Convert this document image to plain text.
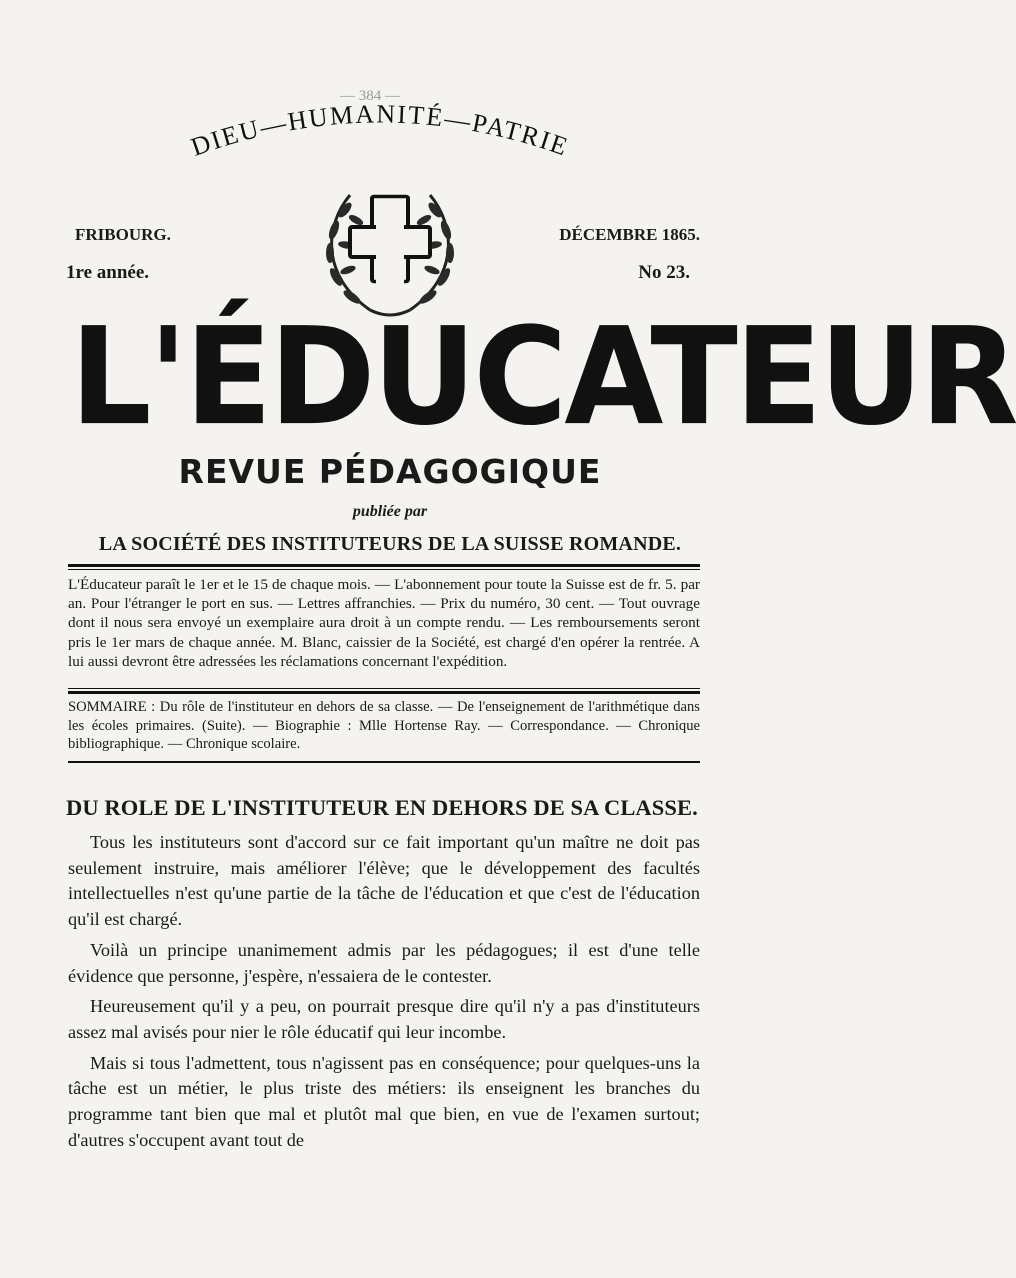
— 384 —
DIEU—HUMANITÉ—PATRIE
FRIBOURG.	DÉCEMBRE 1865.
1re année.	No 23.
L'ÉDUCATEUR
REVUE PÉDAGOGIQUE
publiée par
LA SOCIÉTÉ DES INSTITUTEURS DE LA SUISSE ROMANDE.
L'Éducateur paraît le 1er et le 15 de chaque mois. — L'abonnement pour toute la Suisse est de fr. 5. par an. Pour l'étranger le port en sus. — Lettres affranchies. — Prix du numéro, 30 cent. — Tout ouvrage dont il nous sera envoyé un exemplaire aura droit à un compte rendu. — Les remboursements seront pris le 1er mars de chaque année. M. Blanc, caissier de la Société, est chargé d'en opérer la rentrée. A lui aussi devront être adressées les réclamations concernant l'expédition.
SOMMAIRE : Du rôle de l'instituteur en dehors de sa classe. — De l'enseignement de l'arithmétique dans les écoles primaires. (Suite). — Biographie : Mlle Hortense Ray. — Correspondance. — Chronique bibliographique. — Chronique scolaire.
DU ROLE DE L'INSTITUTEUR EN DEHORS DE SA CLASSE.

Tous les instituteurs sont d'accord sur ce fait important qu'un maître ne doit pas seulement instruire, mais améliorer l'élève; que le développement des facultés intellectuelles n'est qu'une partie de la tâche de l'éducation et que c'est de l'éducation qu'il est chargé.

Voilà un principe unanimement admis par les pédagogues; il est d'une telle évidence que personne, j'espère, n'essaiera de le contester.

Heureusement qu'il y a peu, on pourrait presque dire qu'il n'y a pas d'instituteurs assez mal avisés pour nier le rôle éducatif qui leur incombe.

Mais si tous l'admettent, tous n'agissent pas en conséquence; pour quelques-uns la tâche est un métier, le plus triste des métiers: ils enseignent les branches du programme tant bien que mal et plutôt mal que bien, en vue de l'examen surtout; d'autres s'occupent avant tout de
